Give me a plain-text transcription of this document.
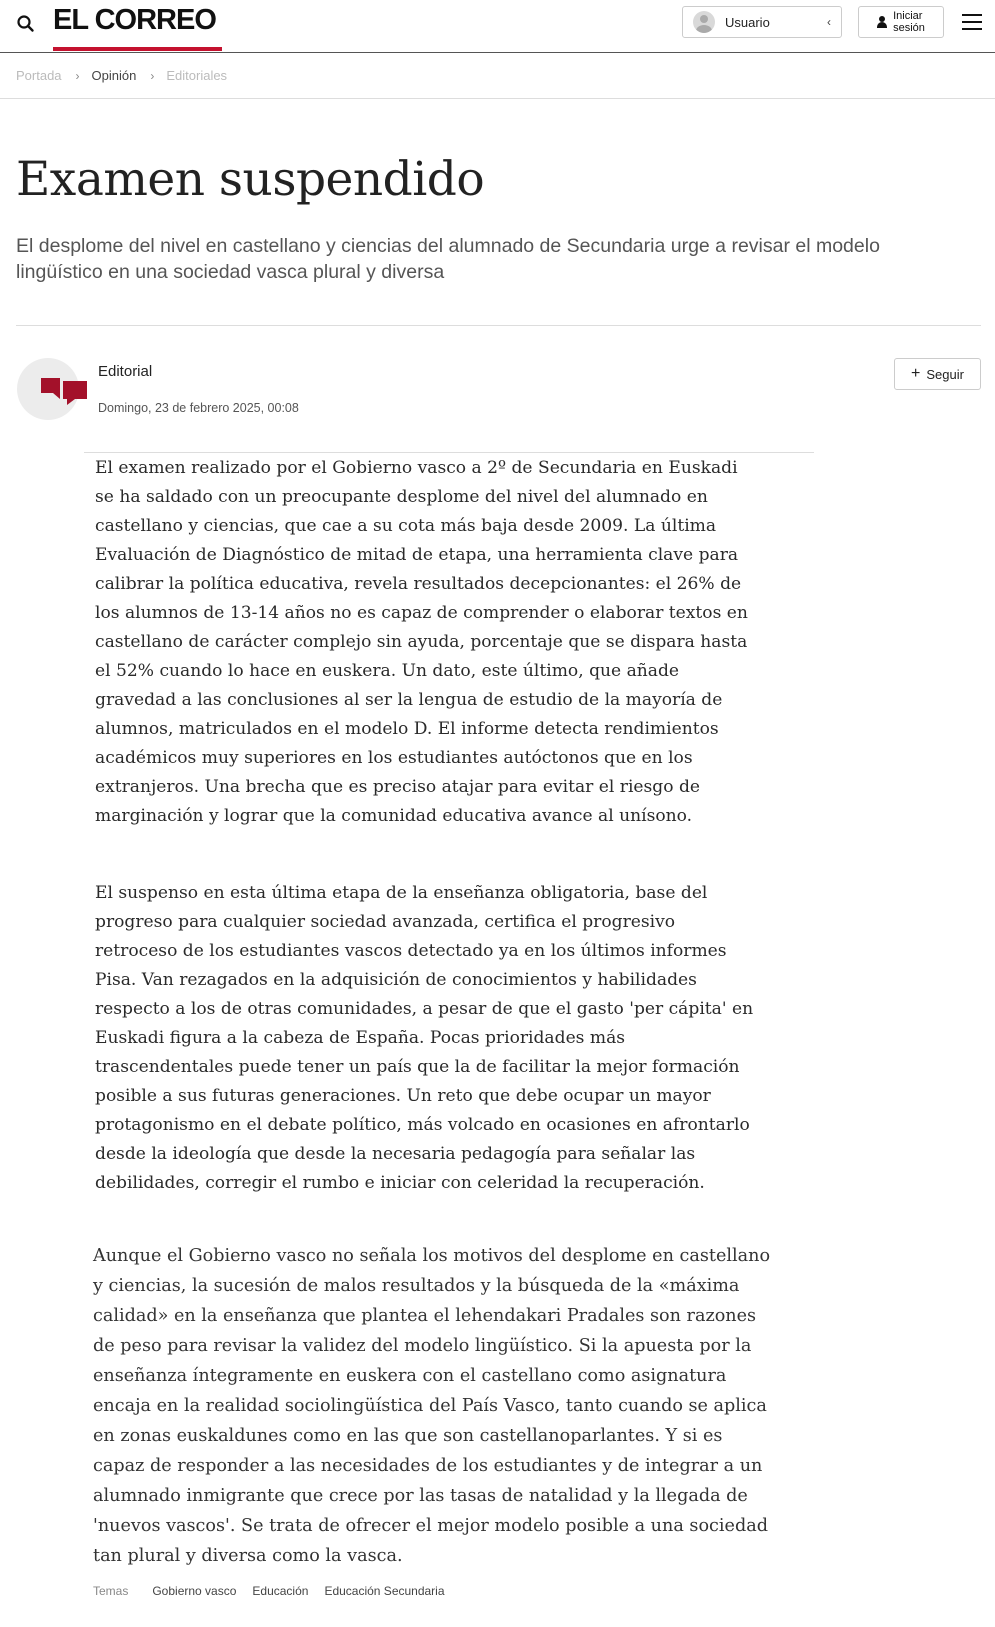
EL CORREO	Usuario	‹	Iniciar
sesión
Portada › Opinión › Editoriales
Examen suspendido

El desplome del nivel en castellano y ciencias del alumnado de Secundaria urge a revisar el modelo lingüístico en una sociedad vasca plural y diversa

Editorial
Domingo, 23 de febrero 2025, 00:08
+ Seguir

El examen realizado por el Gobierno vasco a 2º de Secundaria en Euskadi se ha saldado con un preocupante desplome del nivel del alumnado en castellano y ciencias, que cae a su cota más baja desde 2009. La última Evaluación de Diagnóstico de mitad de etapa, una herramienta clave para calibrar la política educativa, revela resultados decepcionantes: el 26% de los alumnos de 13-14 años no es capaz de comprender o elaborar textos en castellano de carácter complejo sin ayuda, porcentaje que se dispara hasta el 52% cuando lo hace en euskera. Un dato, este último, que añade gravedad a las conclusiones al ser la lengua de estudio de la mayoría de alumnos, matriculados en el modelo D. El informe detecta rendimientos académicos muy superiores en los estudiantes autóctonos que en los extranjeros. Una brecha que es preciso atajar para evitar el riesgo de marginación y lograr que la comunidad educativa avance al unísono.

El suspenso en esta última etapa de la enseñanza obligatoria, base del progreso para cualquier sociedad avanzada, certifica el progresivo retroceso de los estudiantes vascos detectado ya en los últimos informes Pisa. Van rezagados en la adquisición de conocimientos y habilidades respecto a los de otras comunidades, a pesar de que el gasto 'per cápita' en Euskadi figura a la cabeza de España. Pocas prioridades más trascendentales puede tener un país que la de facilitar la mejor formación posible a sus futuras generaciones. Un reto que debe ocupar un mayor protagonismo en el debate político, más volcado en ocasiones en afrontarlo desde la ideología que desde la necesaria pedagogía para señalar las debilidades, corregir el rumbo e iniciar con celeridad la recuperación.

Aunque el Gobierno vasco no señala los motivos del desplome en castellano y ciencias, la sucesión de malos resultados y la búsqueda de la «máxima calidad» en la enseñanza que plantea el lehendakari Pradales son razones de peso para revisar la validez del modelo lingüístico. Si la apuesta por la enseñanza íntegramente en euskera con el castellano como asignatura encaja en la realidad sociolingüística del País Vasco, tanto cuando se aplica en zonas euskaldunes como en las que son castellanoparlantes. Y si es capaz de responder a las necesidades de los estudiantes y de integrar a un alumnado inmigrante que crece por las tasas de natalidad y la llegada de 'nuevos vascos'. Se trata de ofrecer el mejor modelo posible a una sociedad tan plural y diversa como la vasca.

Temas Gobierno vasco Educación Educación Secundaria
